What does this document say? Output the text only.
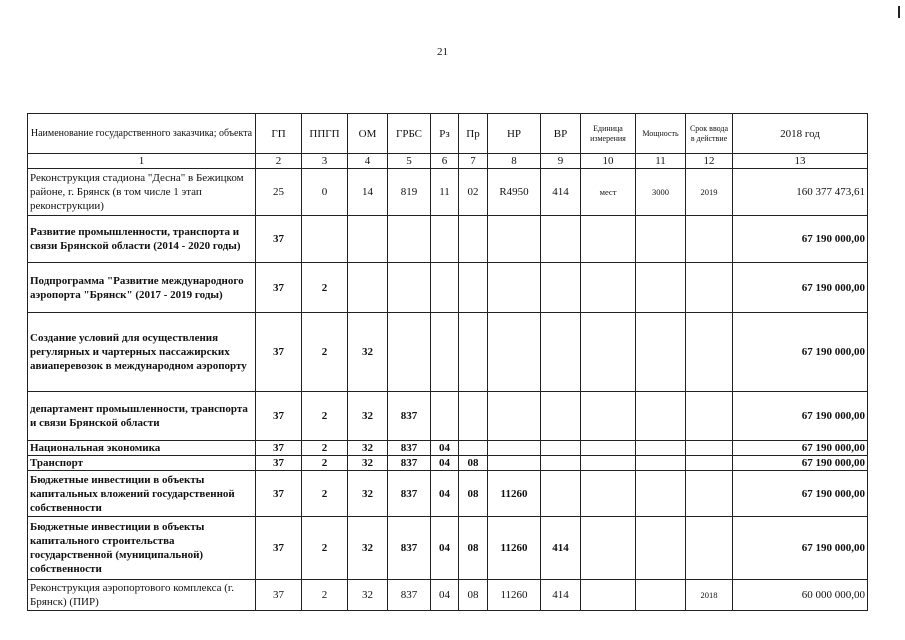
21
Наименование государственного заказчика; объекта	ГП	ППГП	ОМ	ГРБС	Рз	Пр	НР	ВР	Единица измерения	Мощность	Срок ввода в действие	2018 год
1	2	3	4	5	6	7	8	9	10	11	12	13
Реконструкция стадиона "Десна" в Бежицком районе, г. Брянск (в том числе 1 этап реконструкции)	25	0	14	819	11	02	R4950	414	мест	3000	2019	160 377 473,61
Развитие промышленности, транспорта и связи Брянской области (2014 - 2020 годы)	37											67 190 000,00
Подпрограмма "Развитие международного аэропорта "Брянск" (2017 - 2019 годы)	37	2										67 190 000,00
Создание условий для осуществления регулярных и чартерных пассажирских авиаперевозок в международном аэропорту	37	2	32									67 190 000,00
департамент промышленности, транспорта и связи Брянской области	37	2	32	837								67 190 000,00
Национальная экономика	37	2	32	837	04							67 190 000,00
Транспорт	37	2	32	837	04	08						67 190 000,00
Бюджетные инвестиции в объекты капитальных вложений государственной собственности	37	2	32	837	04	08	11260					67 190 000,00
Бюджетные инвестиции в объекты капитального строительства государственной (муниципальной) собственности	37	2	32	837	04	08	11260	414				67 190 000,00
Реконструкция аэропортового комплекса (г. Брянск) (ПИР)	37	2	32	837	04	08	11260	414			2018	60 000 000,00
